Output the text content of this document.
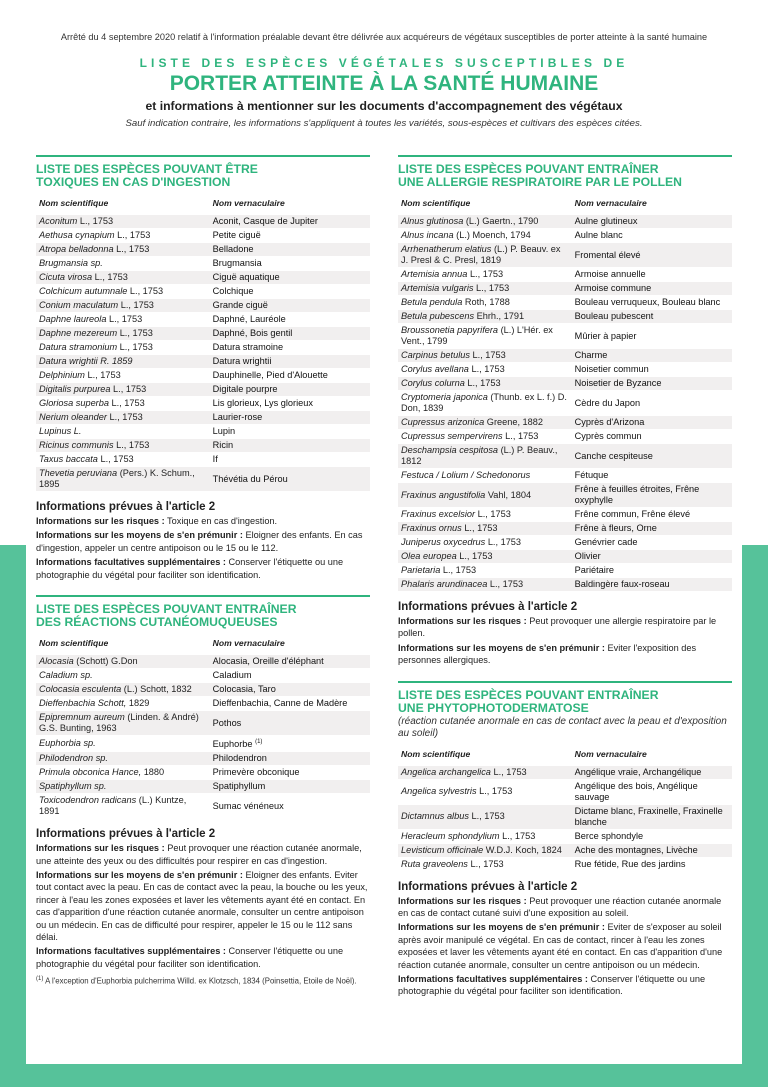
Arrêté du 4 septembre 2020 relatif à l'information préalable devant être délivrée aux acquéreurs de végétaux susceptibles de porter atteinte à la santé humaine
LISTE DES ESPÈCES VÉGÉTALES SUSCEPTIBLES DE
PORTER ATTEINTE À LA SANTÉ HUMAINE
et informations à mentionner sur les documents d'accompagnement des végétaux
Sauf indication contraire, les informations s'appliquent à toutes les variétés, sous-espèces et cultivars des espèces citées.
LISTE DES ESPÈCES POUVANT ÊTRE
TOXIQUES EN CAS D'INGESTION
Nom scientifique	Nom vernaculaire
Aconitum L., 1753	Aconit, Casque de Jupiter
Aethusa cynapium L., 1753	Petite ciguë
Atropa belladonna L., 1753	Belladone
Brugmansia sp.	Brugmansia
Cicuta virosa L., 1753	Ciguë aquatique
Colchicum autumnale L., 1753	Colchique
Conium maculatum L., 1753	Grande ciguë
Daphne laureola L., 1753	Daphné, Lauréole
Daphne mezereum L., 1753	Daphné, Bois gentil
Datura stramonium L., 1753	Datura stramoine
Datura wrightii R. 1859	Datura wrightii
Delphinium L., 1753	Dauphinelle, Pied d'Alouette
Digitalis purpurea L., 1753	Digitale pourpre
Gloriosa superba L., 1753	Lis glorieux, Lys glorieux
Nerium oleander L., 1753	Laurier-rose
Lupinus L.	Lupin
Ricinus communis L., 1753	Ricin
Taxus baccata L., 1753	If
Thevetia peruviana (Pers.) K. Schum., 1895	Thévétia du Pérou
Informations prévues à l'article 2

Informations sur les risques : Toxique en cas d'ingestion.

Informations sur les moyens de s'en prémunir : Eloigner des enfants. En cas d'ingestion, appeler un centre antipoison ou le 15 ou le 112.

Informations facultatives supplémentaires : Conserver l'étiquette ou une photographie du végétal pour faciliter son identification.

LISTE DES ESPÈCES POUVANT ENTRAÎNER
DES RÉACTIONS CUTANÉOMUQUEUSES
Nom scientifique	Nom vernaculaire
Alocasia (Schott) G.Don	Alocasia, Oreille d'éléphant
Caladium sp.	Caladium
Colocasia esculenta (L.) Schott, 1832	Colocasia, Taro
Dieffenbachia Schott, 1829	Dieffenbachia, Canne de Madère
Epipremnum aureum (Linden. & André) G.S. Bunting, 1963	Pothos
Euphorbia sp.	Euphorbe $^{(1)}$
Philodendron sp.	Philodendron
Primula obconica Hance, 1880	Primevère obconique
Spatiphyllum sp.	Spatiphyllum
Toxicodendron radicans (L.) Kuntze, 1891	Sumac vénéneux
Informations prévues à l'article 2

Informations sur les risques : Peut provoquer une réaction cutanée anormale, une atteinte des yeux ou des difficultés pour respirer en cas d'ingestion.

Informations sur les moyens de s'en prémunir : Eloigner des enfants. Eviter tout contact avec la peau. En cas de contact avec la peau, la bouche ou les yeux, rincer à l'eau les zones exposées et laver les vêtements ayant été en contact. En cas d'apparition d'une réaction cutanée anormale, consulter un centre antipoison ou un médecin. En cas de difficulté pour respirer, appeler le 15 ou le 112 sans délai.

Informations facultatives supplémentaires : Conserver l'étiquette ou une photographie du végétal pour faciliter son identification.

$^{(1)}$ A l'exception d'Euphorbia pulcherrima Willd. ex Klotzsch, 1834 (Poinsettia, Etoile de Noël).
LISTE DES ESPÈCES POUVANT ENTRAÎNER
UNE ALLERGIE RESPIRATOIRE PAR LE POLLEN
Nom scientifique	Nom vernaculaire
Alnus glutinosa (L.) Gaertn., 1790	Aulne glutineux
Alnus incana (L.) Moench, 1794	Aulne blanc
Arrhenatherum elatius (L.) P. Beauv. ex J. Presl & C. Presl, 1819	Fromental élevé
Artemisia annua L., 1753	Armoise annuelle
Artemisia vulgaris L., 1753	Armoise commune
Betula pendula Roth, 1788	Bouleau verruqueux, Bouleau blanc
Betula pubescens Ehrh., 1791	Bouleau pubescent
Broussonetia papyrifera (L.) L'Hér. ex Vent., 1799	Mûrier à papier
Carpinus betulus L., 1753	Charme
Corylus avellana L., 1753	Noisetier commun
Corylus colurna L., 1753	Noisetier de Byzance
Cryptomeria japonica (Thunb. ex L. f.) D. Don, 1839	Cèdre du Japon
Cupressus arizonica Greene, 1882	Cyprès d'Arizona
Cupressus sempervirens L., 1753	Cyprès commun
Deschampsia cespitosa (L.) P. Beauv., 1812	Canche cespiteuse
Festuca / Lolium / Schedonorus	Fétuque
Fraxinus angustifolia Vahl, 1804	Frêne à feuilles étroites, Frêne oxyphylle
Fraxinus excelsior L., 1753	Frêne commun, Frêne élevé
Fraxinus ornus L., 1753	Frêne à fleurs, Orne
Juniperus oxycedrus L., 1753	Genévrier cade
Olea europea L., 1753	Olivier
Parietaria L., 1753	Pariétaire
Phalaris arundinacea L., 1753	Baldingère faux-roseau
Informations prévues à l'article 2

Informations sur les risques : Peut provoquer une allergie respiratoire par le pollen.

Informations sur les moyens de s'en prémunir : Eviter l'exposition des personnes allergiques.

LISTE DES ESPÈCES POUVANT ENTRAÎNER
UNE PHYTOPHOTODERMATOSE
(réaction cutanée anormale en cas de contact avec la peau et d'exposition au soleil)
Nom scientifique	Nom vernaculaire
Angelica archangelica L., 1753	Angélique vraie, Archangélique
Angelica sylvestris L., 1753	Angélique des bois, Angélique sauvage
Dictamnus albus L., 1753	Dictame blanc, Fraxinelle, Fraxinelle blanche
Heracleum sphondylium L., 1753	Berce sphondyle
Levisticum officinale W.D.J. Koch, 1824	Ache des montagnes, Livèche
Ruta graveolens L., 1753	Rue fétide, Rue des jardins
Informations prévues à l'article 2

Informations sur les risques : Peut provoquer une réaction cutanée anormale en cas de contact cutané suivi d'une exposition au soleil.

Informations sur les moyens de s'en prémunir : Eviter de s'exposer au soleil après avoir manipulé ce végétal. En cas de contact, rincer à l'eau les zones exposées et laver les vêtements ayant été en contact. En cas d'apparition d'une réaction cutanée anormale, consulter un centre antipoison ou un médecin.

Informations facultatives supplémentaires : Conserver l'étiquette ou une photographie du végétal pour faciliter son identification.
